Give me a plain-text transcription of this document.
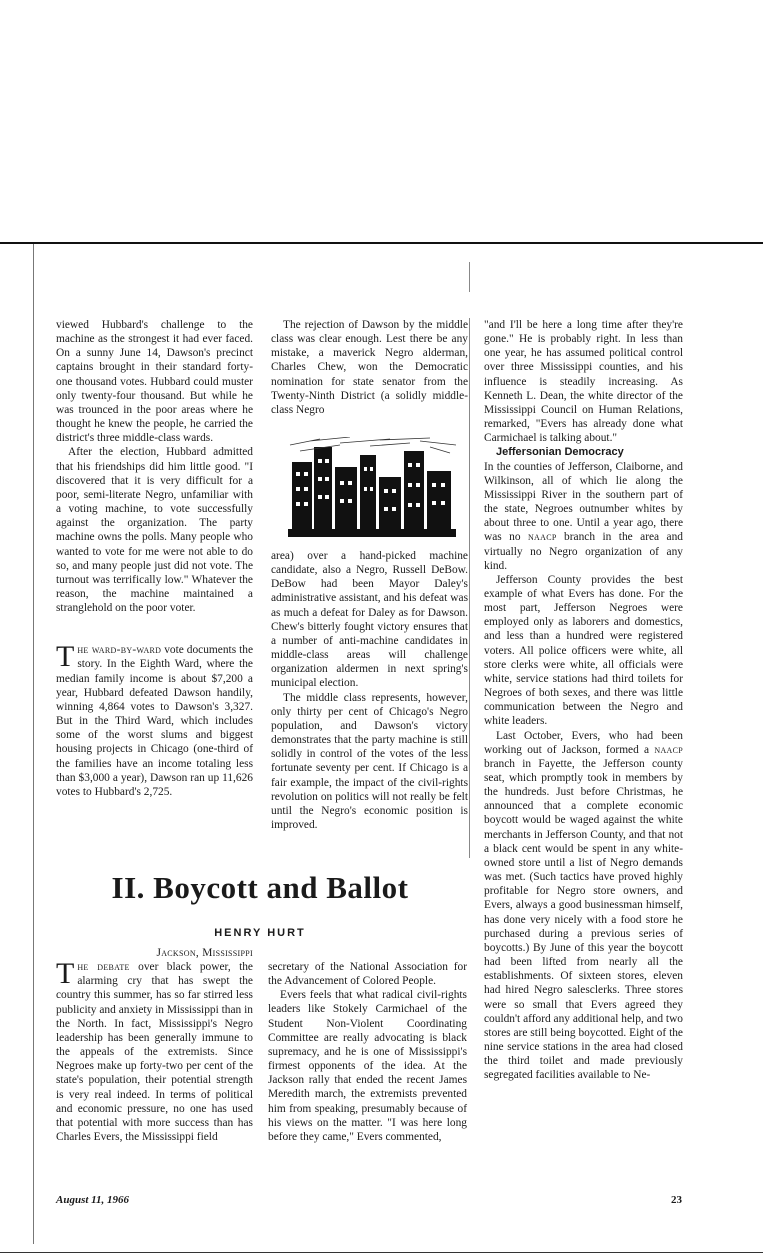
viewed Hubbard's challenge to the machine as the strongest it had ever faced. On a sunny June 14, Dawson's precinct captains brought in their standard forty-one thousand votes. Hubbard could muster only twenty-four thousand. But while he was trounced in the poor areas where he thought he knew the people, he carried the district's three middle-class wards.

After the election, Hubbard admitted that his friendships did him little good. "I discovered that it is very difficult for a poor, semi-literate Negro, unfamiliar with a voting machine, to vote successfully against the organization. The party machine owns the polls. Many people who wanted to vote for me were not able to do so, and many people just did not vote. The turnout was terrifically low." Whatever the reason, the machine maintained a stranglehold on the poor voter.

The ward-by-ward vote documents the story. In the Eighth Ward, where the median family income is about $7,200 a year, Hubbard defeated Dawson handily, winning 4,864 votes to Dawson's 3,327. But in the Third Ward, which includes some of the worst slums and biggest housing projects in Chicago (one-third of the families have an income totaling less than $3,000 a year), Dawson ran up 11,626 votes to Hubbard's 2,725.

The rejection of Dawson by the middle class was clear enough. Lest there be any mistake, a maverick Negro alderman, Charles Chew, won the Democratic nomination for state senator from the Twenty-Ninth District (a solidly middle-class Negro

area) over a hand-picked machine candidate, also a Negro, Russell DeBow. DeBow had been Mayor Daley's administrative assistant, and his defeat was as much a defeat for Daley as for Dawson. Chew's bitterly fought victory ensures that a number of anti-machine candidates in middle-class areas will challenge organization aldermen in next spring's municipal election.

The middle class represents, however, only thirty per cent of Chicago's Negro population, and Dawson's victory demonstrates that the party machine is still solidly in control of the votes of the less fortunate seventy per cent. If Chicago is a fair example, the impact of the civil-rights revolution on politics will not really be felt until the Negro's economic position is improved.

"and I'll be here a long time after they're gone." He is probably right. In less than one year, he has assumed political control over three Mississippi counties, and his influence is steadily increasing. As Kenneth L. Dean, the white director of the Mississippi Council on Human Relations, remarked, "Evers has already done what Carmichael is talking about."

Jeffersonian Democracy

In the counties of Jefferson, Claiborne, and Wilkinson, all of which lie along the Mississippi River in the southern part of the state, Negroes outnumber whites by about three to one. Until a year ago, there was no naacp branch in the area and virtually no Negro organization of any kind.

Jefferson County provides the best example of what Evers has done. For the most part, Jefferson Negroes were employed only as laborers and domestics, and less than a hundred were registered voters. All police officers were white, all store clerks were white, all officials were white, service stations had third toilets for Negroes of both sexes, and there was little communication between the Negro and white leaders.

Last October, Evers, who had been working out of Jackson, formed a naacp branch in Fayette, the Jefferson county seat, which promptly took in members by the hundreds. Just before Christmas, he announced that a complete economic boycott would be waged against the white merchants in Jefferson County, and that not a black cent would be spent in any white-owned store until a list of Negro demands was met. (Such tactics have proved highly profitable for Negro store owners, and Evers, always a good businessman himself, has done very nicely with a food store he purchased during a previous series of boycotts.) By June of this year the boycott had been lifted from nearly all the establishments. Of sixteen stores, eleven had hired Negro salesclerks. Three stores were so small that Evers agreed they couldn't afford any additional help, and two stores are still being boycotted. Eight of the nine service stations in the area had closed the third toilet and made previously segregated facilities available to Ne-

II. Boycott and Ballot
HENRY HURT

Jackson, Mississippi

The debate over black power, the alarming cry that has swept the country this summer, has so far stirred less publicity and anxiety in Mississippi than in the North. In fact, Mississippi's Negro leadership has been generally immune to the appeals of the extremists. Since Negroes make up forty-two per cent of the state's population, their potential strength is very real indeed. In terms of political and economic pressure, no one has used that potential with more success than has Charles Evers, the Mississippi field

secretary of the National Association for the Advancement of Colored People.

Evers feels that what radical civil-rights leaders like Stokely Carmichael of the Student Non-Violent Coordinating Committee are really advocating is black supremacy, and he is one of Mississippi's firmest opponents of the idea. At the Jackson rally that ended the recent James Meredith march, the extremists prevented him from speaking, presumably because of his views on the matter. "I was here long before they came," Evers commented,

August 11, 1966	23
